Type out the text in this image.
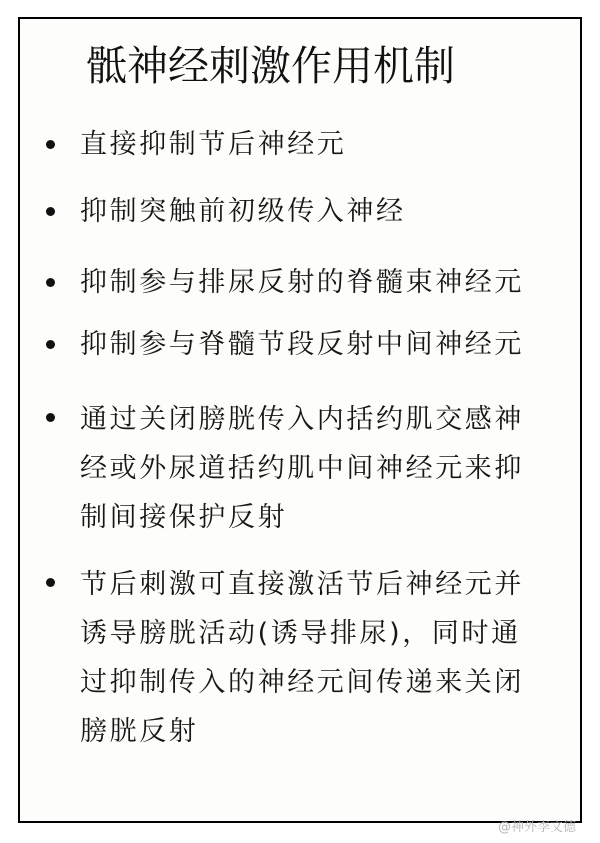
骶神经刺激作用机制
直接抑制节后神经元
抑制突触前初级传入神经
抑制参与排尿反射的脊髓束神经元
抑制参与脊髓节段反射中间神经元
通过关闭膀胱传入内括约肌交感神
经或外尿道括约肌中间神经元来抑
制间接保护反射
节后刺激可直接激活节后神经元并
诱导膀胱活动(诱导排尿)，同时通
过抑制传入的神经元间传递来关闭
膀胱反射
@神外李文德
